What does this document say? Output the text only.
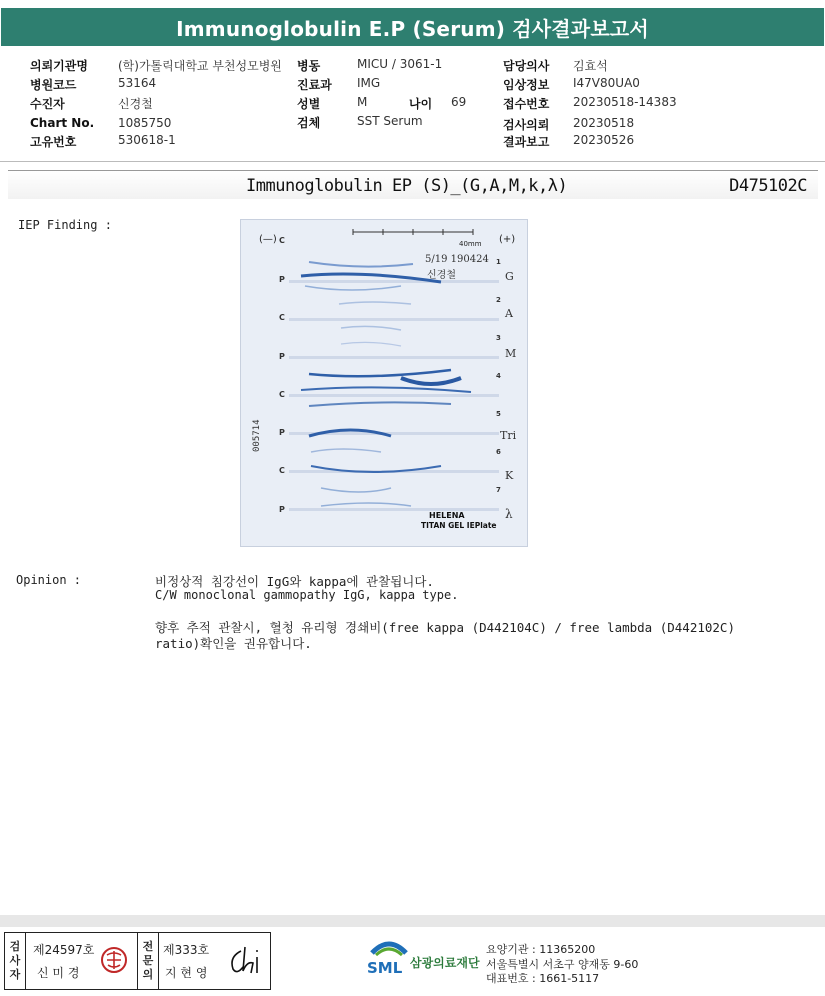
Immunoglobulin E.P (Serum) 검사결과보고서
의뢰기관명	(학)가톨릭대학교 부천성모병원
병원코드	53164
수진자	신경철
Chart No. 1085750
고유번호	530618-1
병동	MICU / 3061-1
진료과 IMG
성별	M	나이 69
검체	SST Serum
담당의사 김효석
임상정보 I47V80UA0
접수번호 20230518-14383
검사의뢰 20230518
결과보고 20230526
Immunoglobulin EP (S)_(G,A,M,k,λ)	D475102C
IEP Finding :
(—)	(+)
40mm
5/19 190424
신경철
005714
HELENA
TITAN GEL IEPlate
C
P
C
P
C
P
C
P
1
2
3
4
5
6
7
G
A
M
Tri
K
λ
Opinion :	비정상적 침강선이 IgG와 kappa에 관찰됩니다.
C/W monoclonal gammopathy IgG, kappa type.
향후 추적 관찰시, 혈청 유리형 경쇄비(free kappa (D442104C) / free lambda (D442102C)
ratio)확인을 권유합니다.
검
사
자
제24597호
신 미 경
전
문
의
제333호
지 현 영	SML 삼광의료재단
요양기관 : 11365200
서울특별시 서초구 양재동 9-60
대표번호 : 1661-5117
